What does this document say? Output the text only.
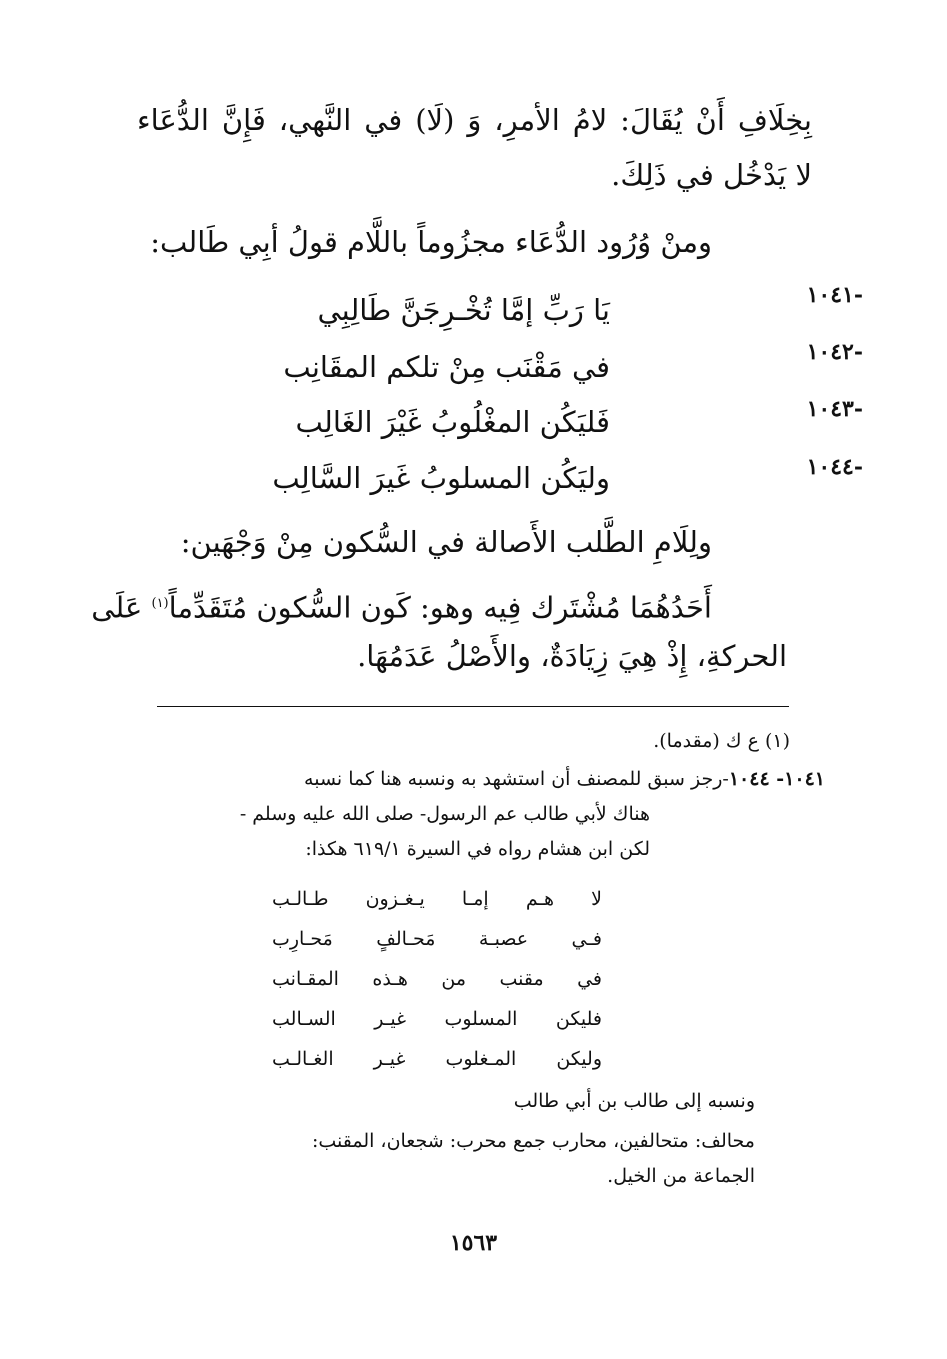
بِخِلَافِ أَنْ يُقَالَ: لامُ الأمرِ، وَ (لَا) في النَّهي، فَإِنَّ الدُّعَاء
لا يَدْخُل في ذَلِكَ.
ومنْ وُرُود الدُّعَاء مجزُوماً باللَّام قولُ أبِي طَالب:
-١٠٤١
يَا رَبِّ إمَّا تُخْـرِجَنَّ طَالِبِي
-١٠٤٢
في مَقْنَب مِنْ تلكم المقَانِب
-١٠٤٣
فَليَكُن المغْلُوبُ غَيْرَ الغَالِب
-١٠٤٤
وليَكُن المسلوبُ غَيرَ السَّالِب
ولِلَامِ الطَّلب الأَصالة في السُّكون مِنْ وَجْهَين:
أَحَدُهُمَا مُشْتَرك فِيه وهو: كَون السُّكون مُتَقَدِّماً$^{(١)}$ عَلَى
الحركةِ، إِذْ هِيَ زِيَادَةٌ، والأَصْلُ عَدَمُهَا.
(١) ع ك (مقدما).
١٠٤١- ١٠٤٤-رجز سبق للمصنف أن استشهد به ونسبه هنا كما نسبه
هناك لأبي طالب عم الرسول- صلى الله عليه وسلم -
لكن ابن هشام رواه في السيرة ٦١٩/١ هكذا:
لا هـم إمـا يـغـزون طـالـب
فـي عصبـة مَحـالفٍ مَحـارِب
في مقنب من هـذه المقـانب
فليكن المسلوب غيـر السـالب
وليكن المـغلوب غيـر الغـالـب
ونسبه إلى طالب بن أبي طالب
محالف: متحالفين، محارب جمع محرب: شجعان، المقنب:
الجماعة من الخيل.
١٥٦٣
